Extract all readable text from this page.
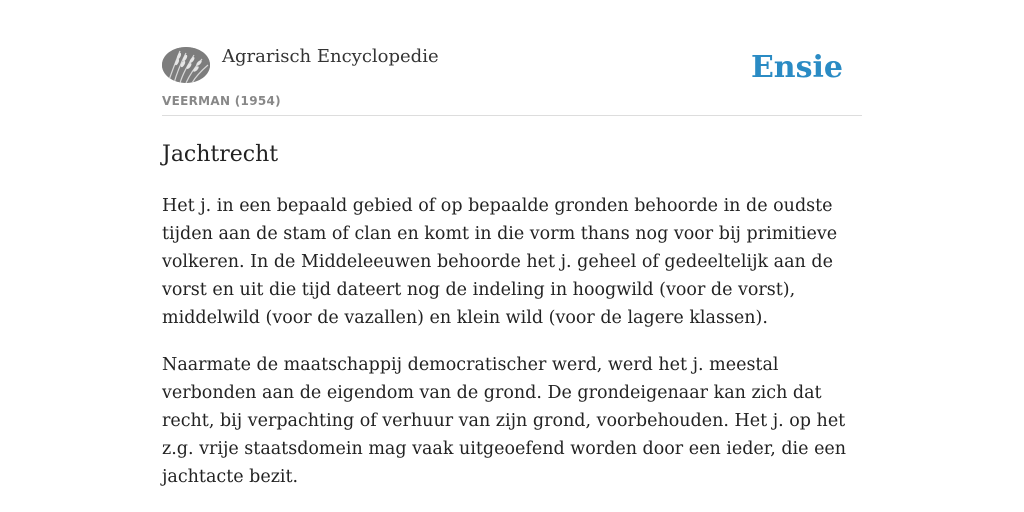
Agrarisch Encyclopedie
VEERMAN (1954)
Ensie
Jachtrecht

Het j. in een bepaald gebied of op bepaalde gronden behoorde in de oudste tijden aan de stam of clan en komt in die vorm thans nog voor bij primitieve volkeren. In de Middeleeuwen behoorde het j. geheel of gedeeltelijk aan de vorst en uit die tijd dateert nog de indeling in hoogwild (voor de vorst), middelwild (voor de vazallen) en klein wild (voor de lagere klassen).

Naarmate de maatschappij democratischer werd, werd het j. meestal verbonden aan de eigendom van de grond. De grondeigenaar kan zich dat recht, bij verpachting of verhuur van zijn grond, voorbehouden. Het j. op het z.g. vrije staatsdomein mag vaak uitgeoefend worden door een ieder, die een jachtacte bezit.
